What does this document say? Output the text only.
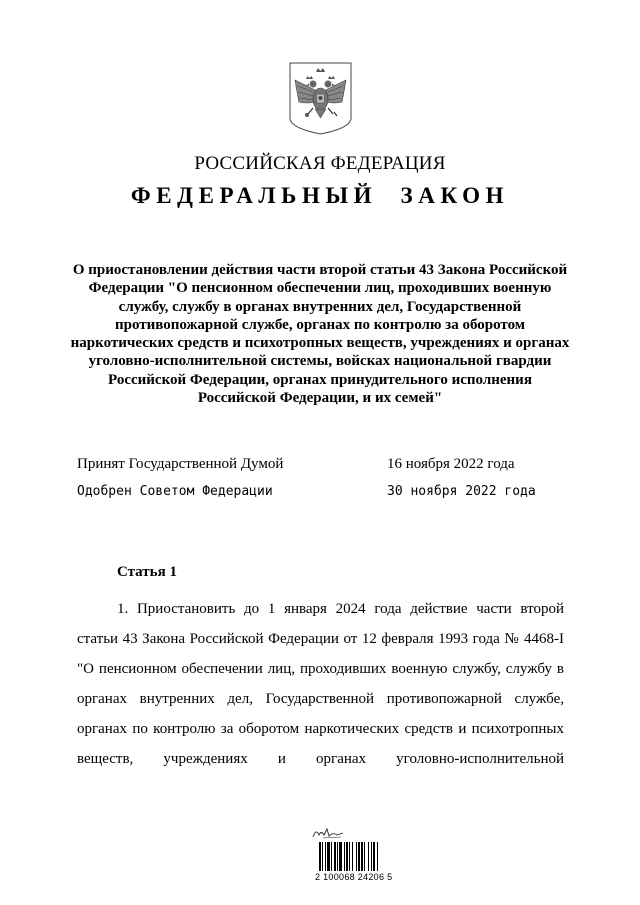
РОССИЙСКАЯ ФЕДЕРАЦИЯ
ФЕДЕРАЛЬНЫЙ ЗАКОН
О приостановлении действия части второй статьи 43 Закона Российской Федерации "О пенсионном обеспечении лиц, проходивших военную службу, службу в органах внутренних дел, Государственной противопожарной службе, органах по контролю за оборотом наркотических средств и психотропных веществ, учреждениях и органах уголовно-исполнительной системы, войсках национальной гвардии Российской Федерации, органах принудительного исполнения Российской Федерации, и их семей"
Принят Государственной Думой	16 ноября 2022 года
Одобрен Советом Федерации	30 ноября 2022 года
Статья 1

1. Приостановить до 1 января 2024 года действие части второй статьи 43 Закона Российской Федерации от 12 февраля 1993 года № 4468-I "О пенсионном обеспечении лиц, проходивших военную службу, службу в органах внутренних дел, Государственной противопожарной службе, органах по контролю за оборотом наркотических средств и психотропных веществ, учреждениях и органах уголовно-исполнительной

2 100068 24206 5
